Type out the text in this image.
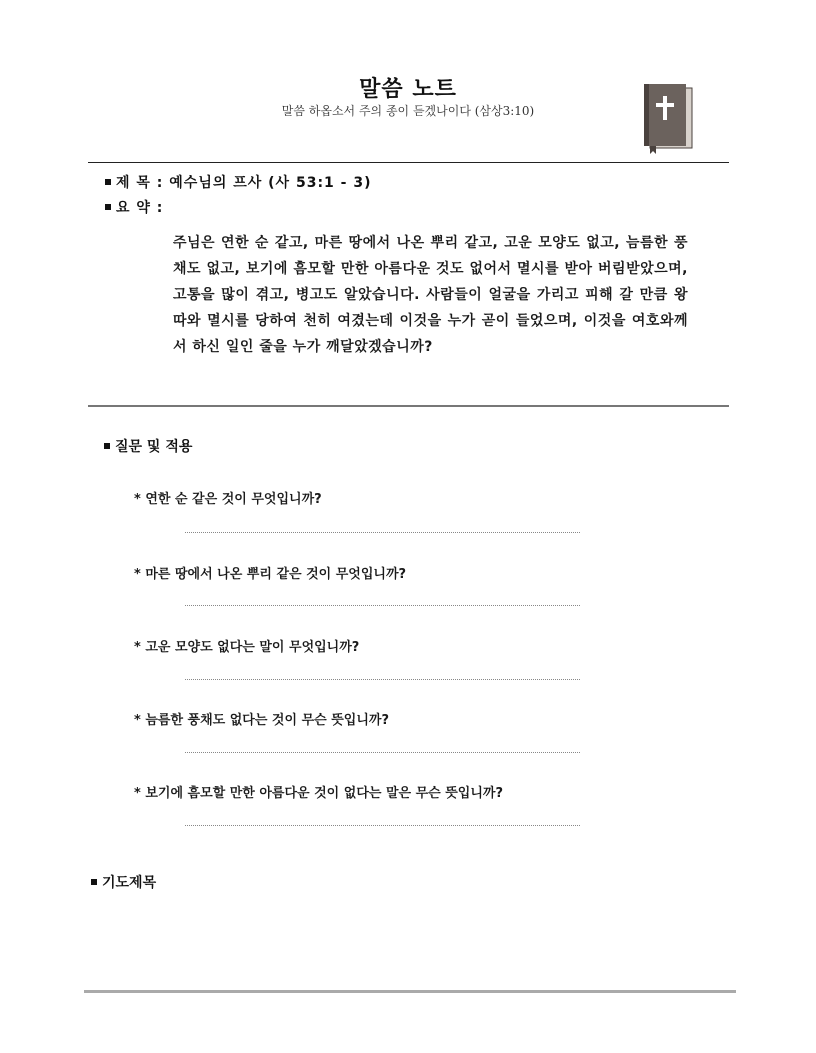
말씀 노트
말씀 하옵소서 주의 종이 듣겠나이다 (삼상3:10)
제 목 : 예수님의 프사 (사 53:1 - 3)
요 약 :
주님은 연한 순 같고, 마른 땅에서 나온 뿌리 같고, 고운 모양도 없고, 늠름한 풍채도 없고, 보기에 흠모할 만한 아름다운 것도 없어서 멸시를 받아 버림받았으며, 고통을 많이 겪고, 병고도 알았습니다. 사람들이 얼굴을 가리고 피해 갈 만큼 왕따와 멸시를 당하여 천히 여겼는데 이것을 누가 곧이 들었으며, 이것을 여호와께서 하신 일인 줄을 누가 깨달았겠습니까?
질문 및 적용
* 연한 순 같은 것이 무엇입니까?
* 마른 땅에서 나온 뿌리 같은 것이 무엇입니까?
* 고운 모양도 없다는 말이 무엇입니까?
* 늠름한 풍채도 없다는 것이 무슨 뜻입니까?
* 보기에 흠모할 만한 아름다운 것이 없다는 말은 무슨 뜻입니까?
기도제목
